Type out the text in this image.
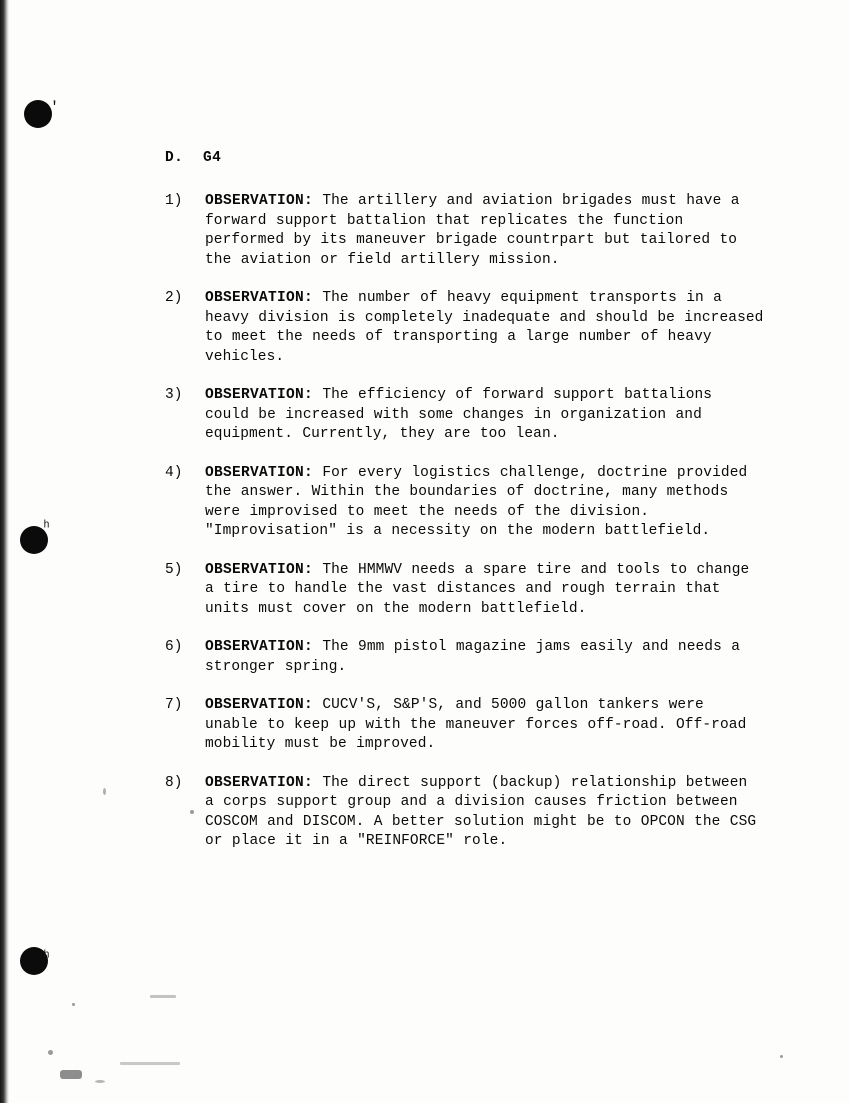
ʹ
ʰ
ʰ
D. G4
1)	OBSERVATION: The artillery and aviation brigades must have a forward support battalion that replicates the function performed by its maneuver brigade countrpart but tailored to the aviation or field artillery mission.
2)	OBSERVATION: The number of heavy equipment transports in a heavy division is completely inadequate and should be increased to meet the needs of transporting a large number of heavy vehicles.
3)	OBSERVATION: The efficiency of forward support battalions could be increased with some changes in organization and equipment. Currently, they are too lean.
4)	OBSERVATION: For every logistics challenge, doctrine provided the answer. Within the boundaries of doctrine, many methods were improvised to meet the needs of the division. "Improvisation" is a necessity on the modern battlefield.
5)	OBSERVATION: The HMMWV needs a spare tire and tools to change a tire to handle the vast distances and rough terrain that units must cover on the modern battlefield.
6)	OBSERVATION: The 9mm pistol magazine jams easily and needs a stronger spring.
7)	OBSERVATION: CUCV'S, S&P'S, and 5000 gallon tankers were unable to keep up with the maneuver forces off-road. Off-road mobility must be improved.
8)	OBSERVATION: The direct support (backup) relationship between a corps support group and a division causes friction between COSCOM and DISCOM. A better solution might be to OPCON the CSG or place it in a "REINFORCE" role.
